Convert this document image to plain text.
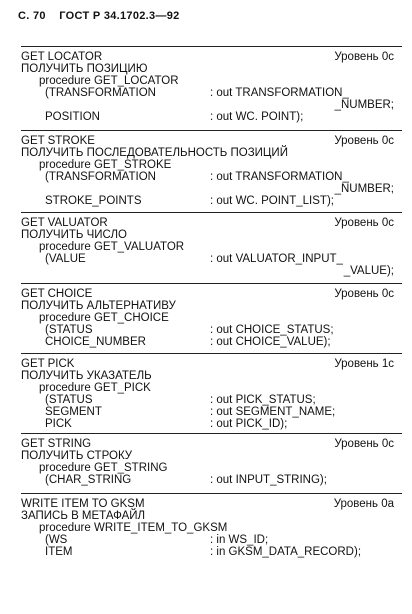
С. 70 ГОСТ Р 34.1702.3—92
GET LOCATOR	Уровень 0с
ПОЛУЧИТЬ ПОЗИЦИЮ
procedure GET_LOCATOR
(TRANSFORMATION	: out TRANSFORMATION_
_NUMBER;
POSITION	: out WC. POINT);
GET STROKE	Уровень 0с
ПОЛУЧИТЬ ПОСЛЕДОВАТЕЛЬНОСТЬ ПОЗИЦИЙ
procedure GET_STROKE
(TRANSFORMATION	: out TRANSFORMATION_
_NUMBER;
STROKE_POINTS	: out WC. POINT_LIST);
GET VALUATOR	Уровень 0с
ПОЛУЧИТЬ ЧИСЛО
procedure GET_VALUATOR
(VALUE	: out VALUATOR_INPUT_
_VALUE);
GET CHOICE	Уровень 0с
ПОЛУЧИТЬ АЛЬТЕРНАТИВУ
procedure GET_CHOICE
(STATUS	: out CHOICE_STATUS;
CHOICE_NUMBER	: out CHOICE_VALUE);
GET PICK	Уровень 1с
ПОЛУЧИТЬ УКАЗАТЕЛЬ
procedure GET_PICK
(STATUS	: out PICK_STATUS;
SEGMENT	: out SEGMENT_NAME;
PICK	: out PICK_ID);
GET STRING	Уровень 0с
ПОЛУЧИТЬ СТРОКУ
procedure GET_STRING
(CHAR_STRING	: out INPUT_STRING);
WRITE ITEM TO GKSM	Уровень 0а
ЗАПИСЬ В МЕТАФАЙЛ
procedure WRITE_ITEM_TO_GKSM
(WS	: in WS_ID;
ITEM	: in GKSM_DATA_RECORD);
